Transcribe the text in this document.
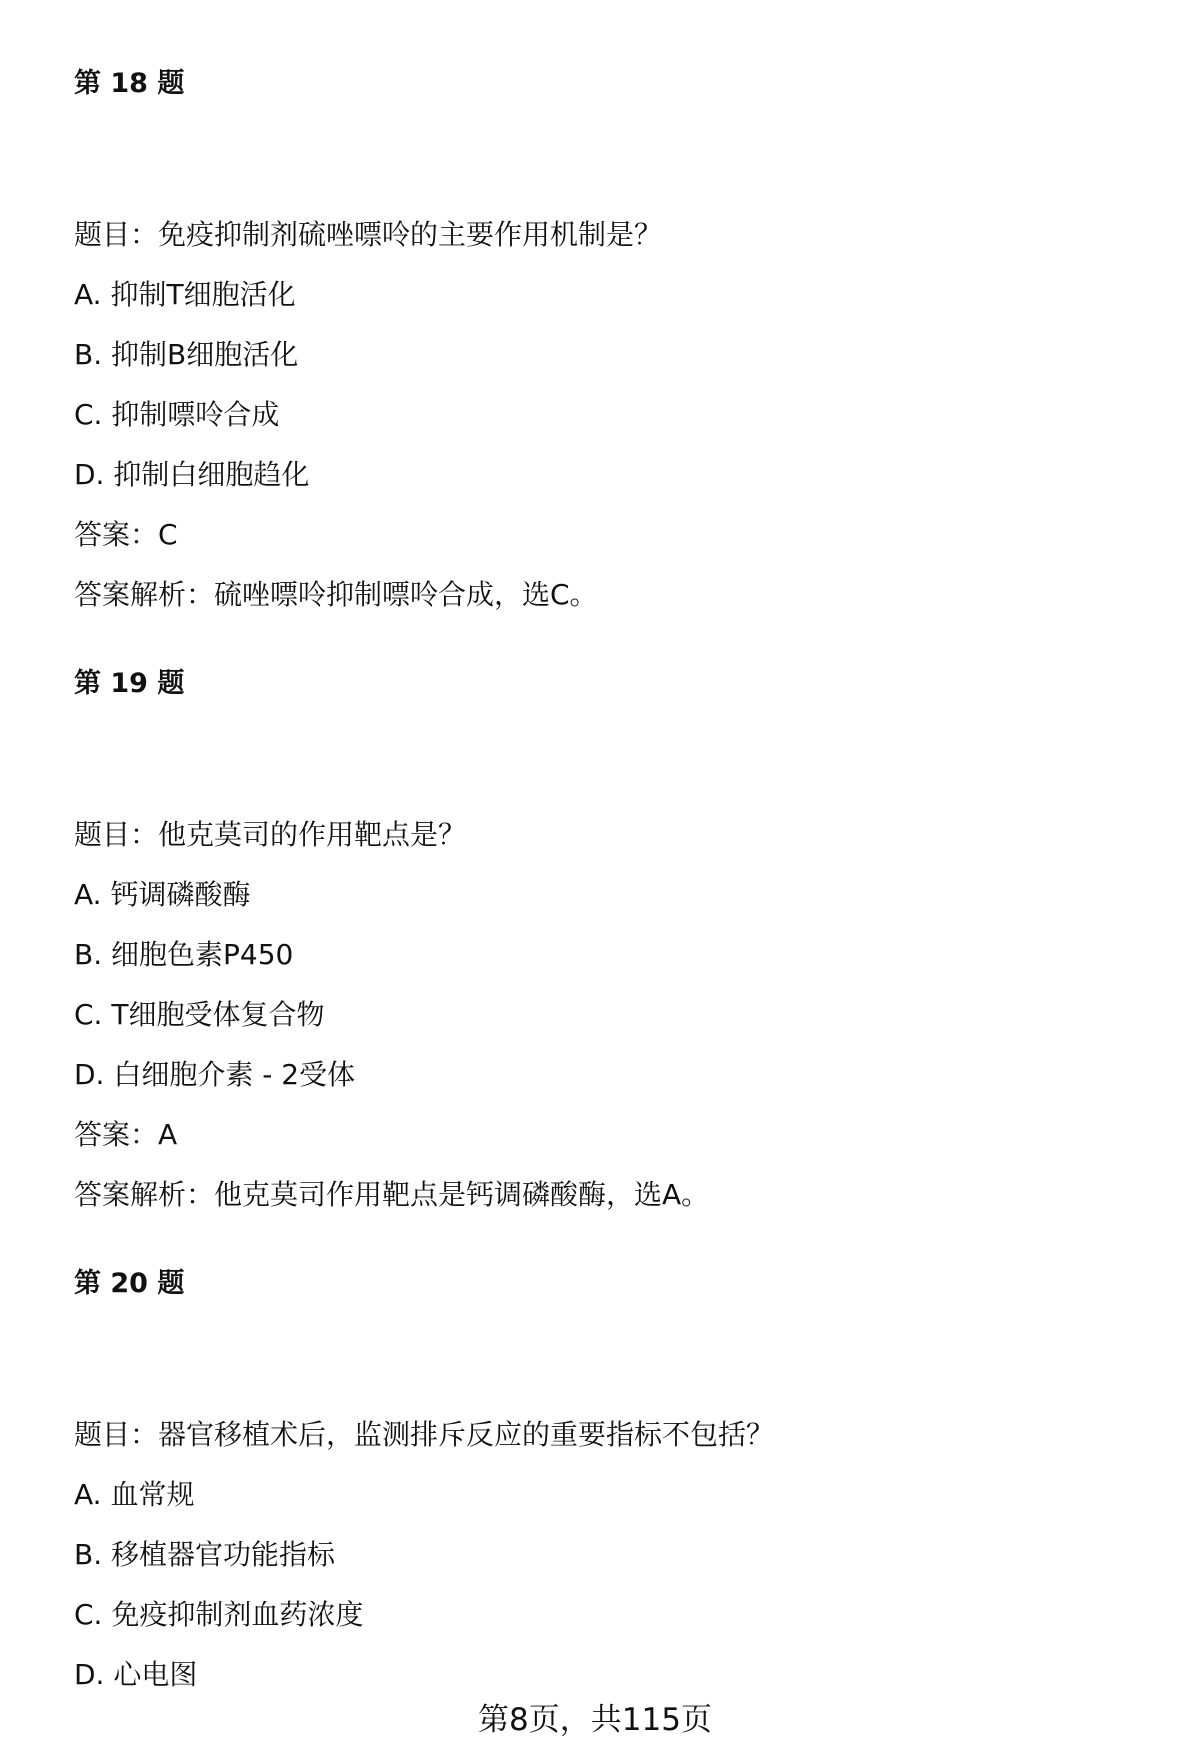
第 18 题
题目：免疫抑制剂硫唑嘌呤的主要作用机制是？
A. 抑制T细胞活化
B. 抑制B细胞活化
C. 抑制嘌呤合成
D. 抑制白细胞趋化
答案：C
答案解析：硫唑嘌呤抑制嘌呤合成，选C。
第 19 题
题目：他克莫司的作用靶点是？
A. 钙调磷酸酶
B. 细胞色素P450
C. T细胞受体复合物
D. 白细胞介素 - 2受体
答案：A
答案解析：他克莫司作用靶点是钙调磷酸酶，选A。
第 20 题
题目：器官移植术后，监测排斥反应的重要指标不包括？
A. 血常规
B. 移植器官功能指标
C. 免疫抑制剂血药浓度
D. 心电图
第8页，共115页
